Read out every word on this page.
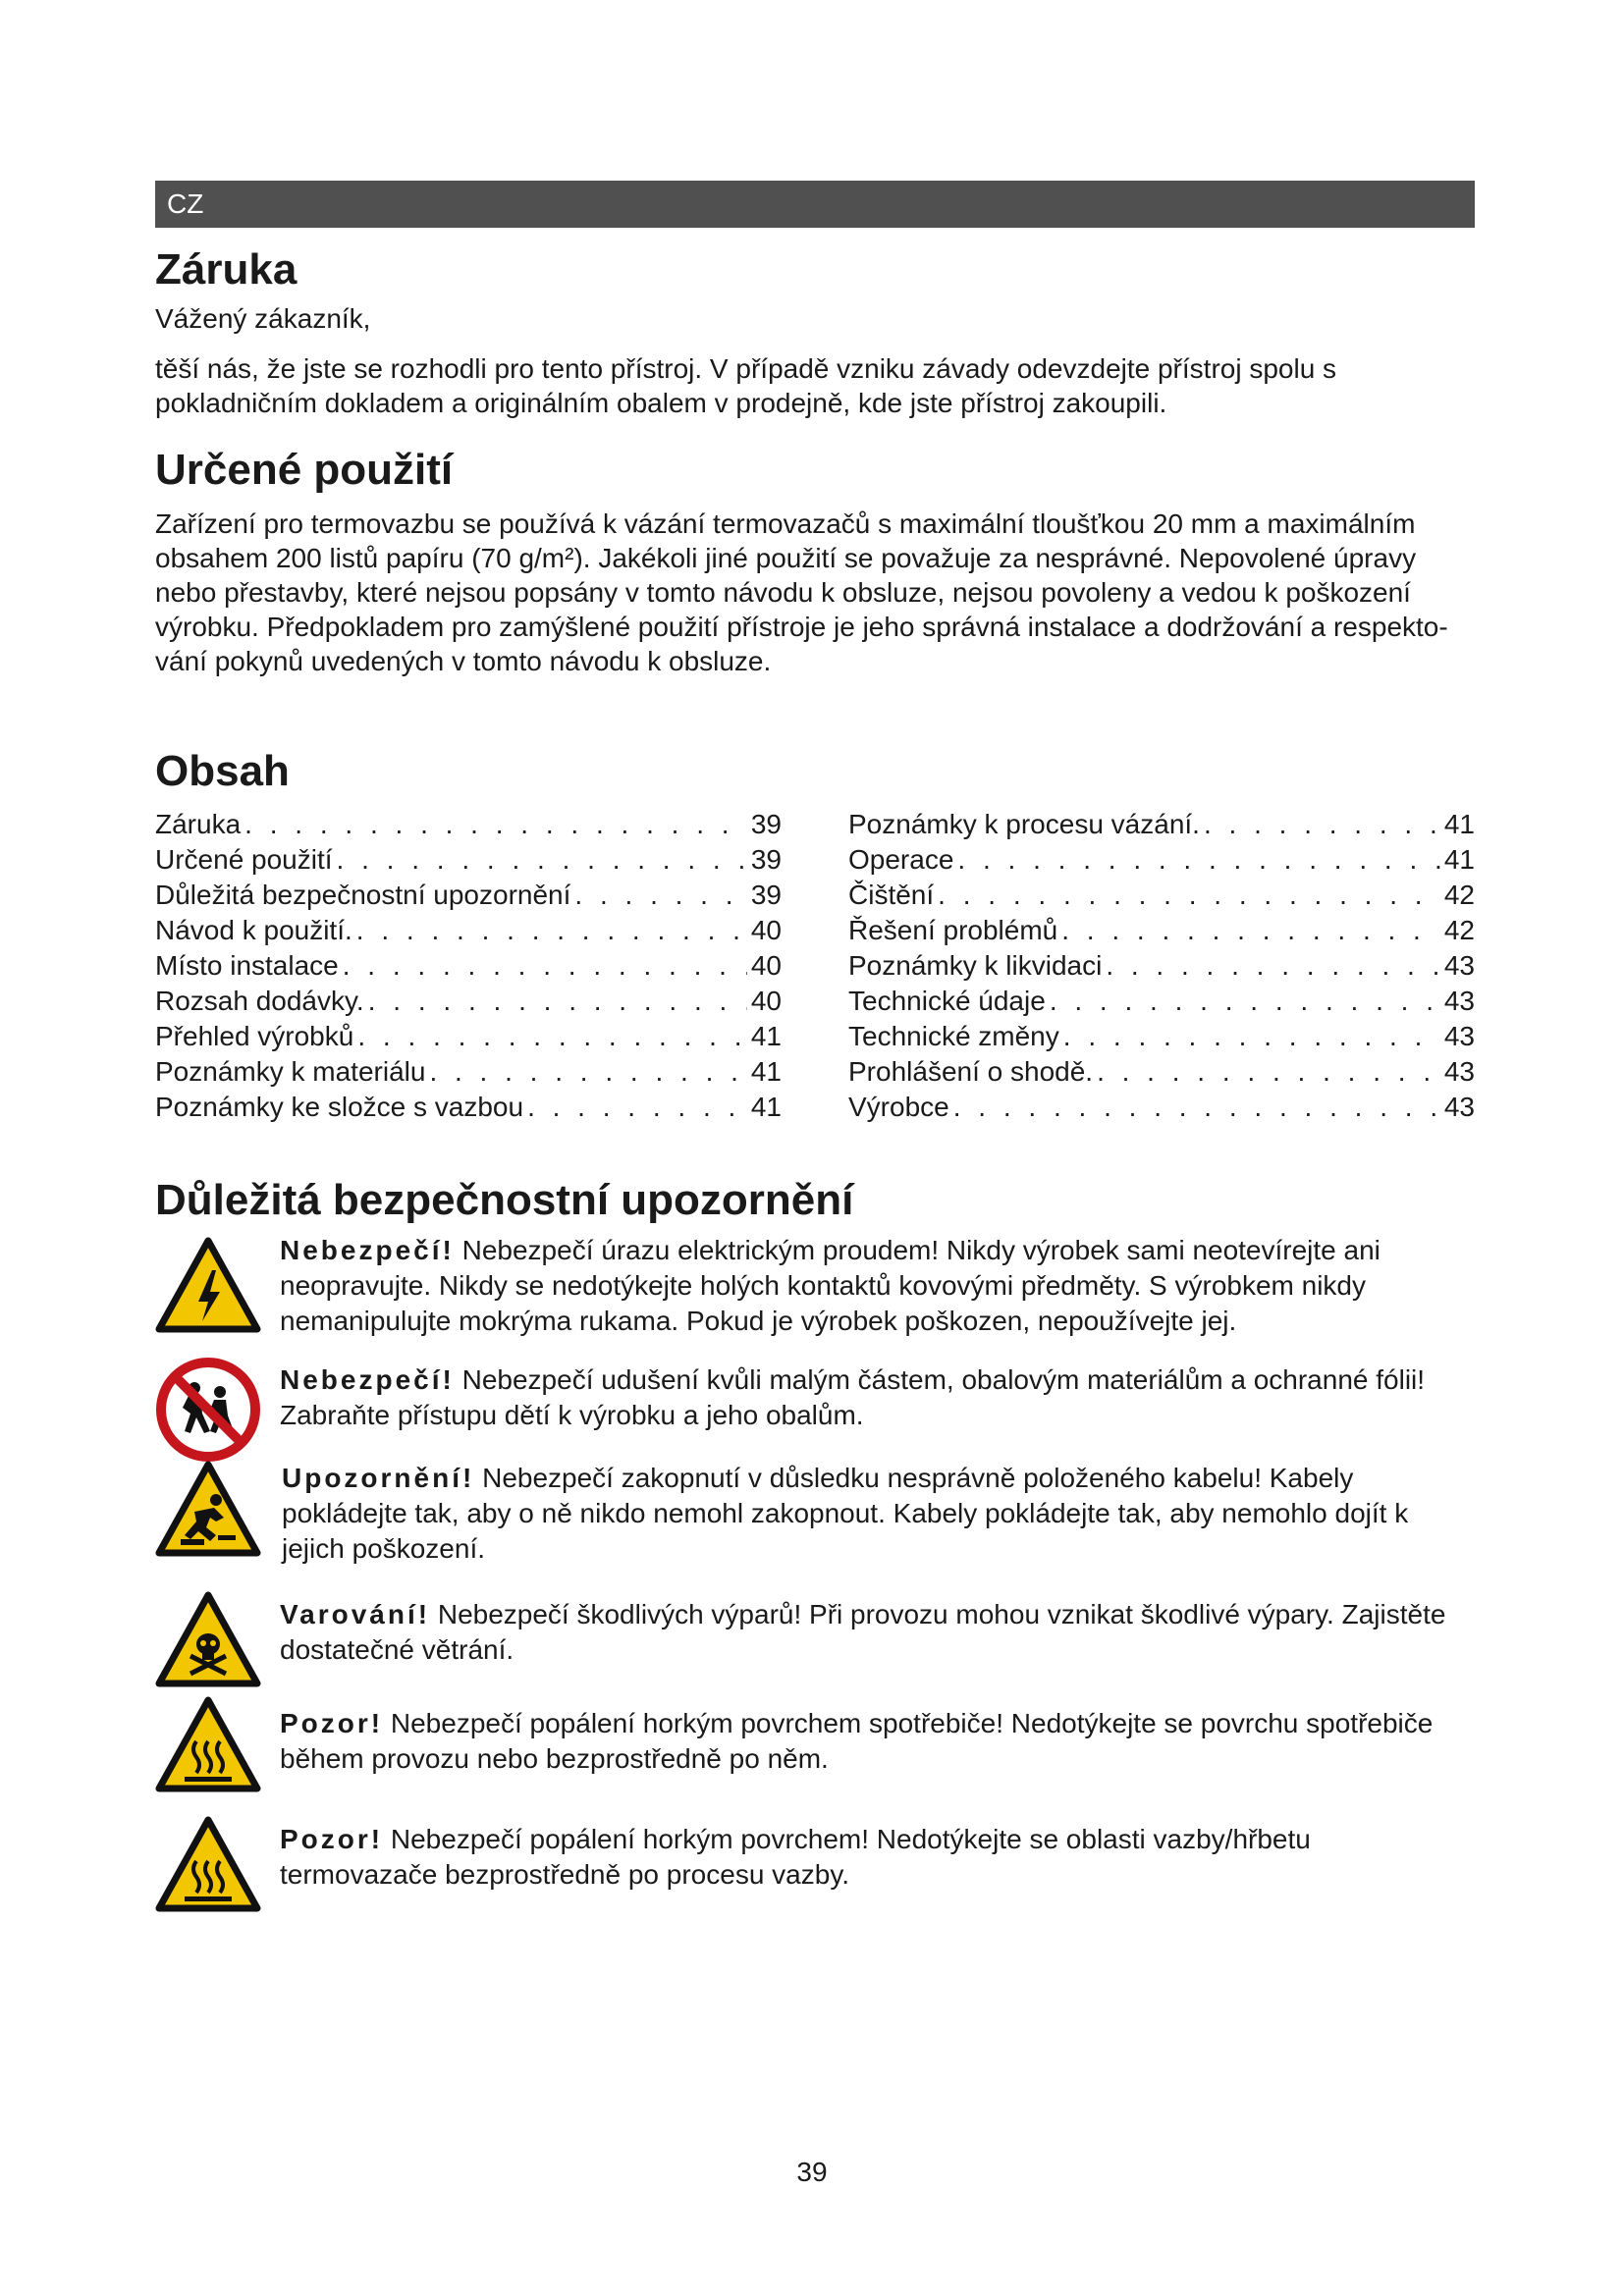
CZ
Záruka

Vážený zákazník,

těší nás, že jste se rozhodli pro tento přístroj. V případě vzniku závady odevzdejte přístroj spolu s pokladničním dokladem a originálním obalem v prodejně, kde jste přístroj zakoupili.

Určené použití

Zařízení pro termovazbu se používá k vázání termovazačů s maximální tloušťkou 20 mm a maximálním obsahem 200 listů papíru (70 g/m²). Jakékoli jiné použití se považuje za nesprávné. Nepovolené úpravy nebo přestavby, které nejsou popsány v tomto návodu k obsluze, nejsou povoleny a vedou k poškození výrobku. Předpokladem pro zamýšlené použití přístroje je jeho správná instalace a dodržování a respekto-vání pokynů uvedených v tomto návodu k obsluze.

Obsah
Záruka . . .	39
Určené použití . . .	39
Důležitá bezpečnostní upozornění . . .	39
Návod k použití. . . .	40
Místo instalace . . .	40
Rozsah dodávky. . . .	40
Přehled výrobků . . .	41
Poznámky k materiálu . . .	41
Poznámky ke složce s vazbou . . .	41
Poznámky k procesu vázání. . . .	41
Operace . . .	41
Čištění . . .	42
Řešení problémů . . .	42
Poznámky k likvidaci . . .	43
Technické údaje . . .	43
Technické změny . . .	43
Prohlášení o shodě. . . .	43
Výrobce . . .	43
Důležitá bezpečnostní upozornění
Nebezpečí! Nebezpečí úrazu elektrickým proudem! Nikdy výrobek sami neotevírejte ani neopravujte. Nikdy se nedotýkejte holých kontaktů kovovými předměty. S výrobkem nikdy nemanipulujte mokrýma rukama. Pokud je výrobek poškozen, nepoužívejte jej.
Nebezpečí! Nebezpečí udušení kvůli malým částem, obalovým materiálům a ochranné fólii! Zabraňte přístupu dětí k výrobku a jeho obalům.
Upozornění! Nebezpečí zakopnutí v důsledku nesprávně položeného kabelu! Kabely pokládejte tak, aby o ně nikdo nemohl zakopnout. Kabely pokládejte tak, aby nemohlo dojít k jejich poškození.
Varování! Nebezpečí škodlivých výparů! Při provozu mohou vznikat škodlivé výpary. Zajistěte dostatečné větrání.
Pozor! Nebezpečí popálení horkým povrchem spotřebiče! Nedotýkejte se povrchu spotřebiče během provozu nebo bezprostředně po něm.
Pozor! Nebezpečí popálení horkým povrchem! Nedotýkejte se oblasti vazby/hřbetu termovazače bezprostředně po procesu vazby.
39
